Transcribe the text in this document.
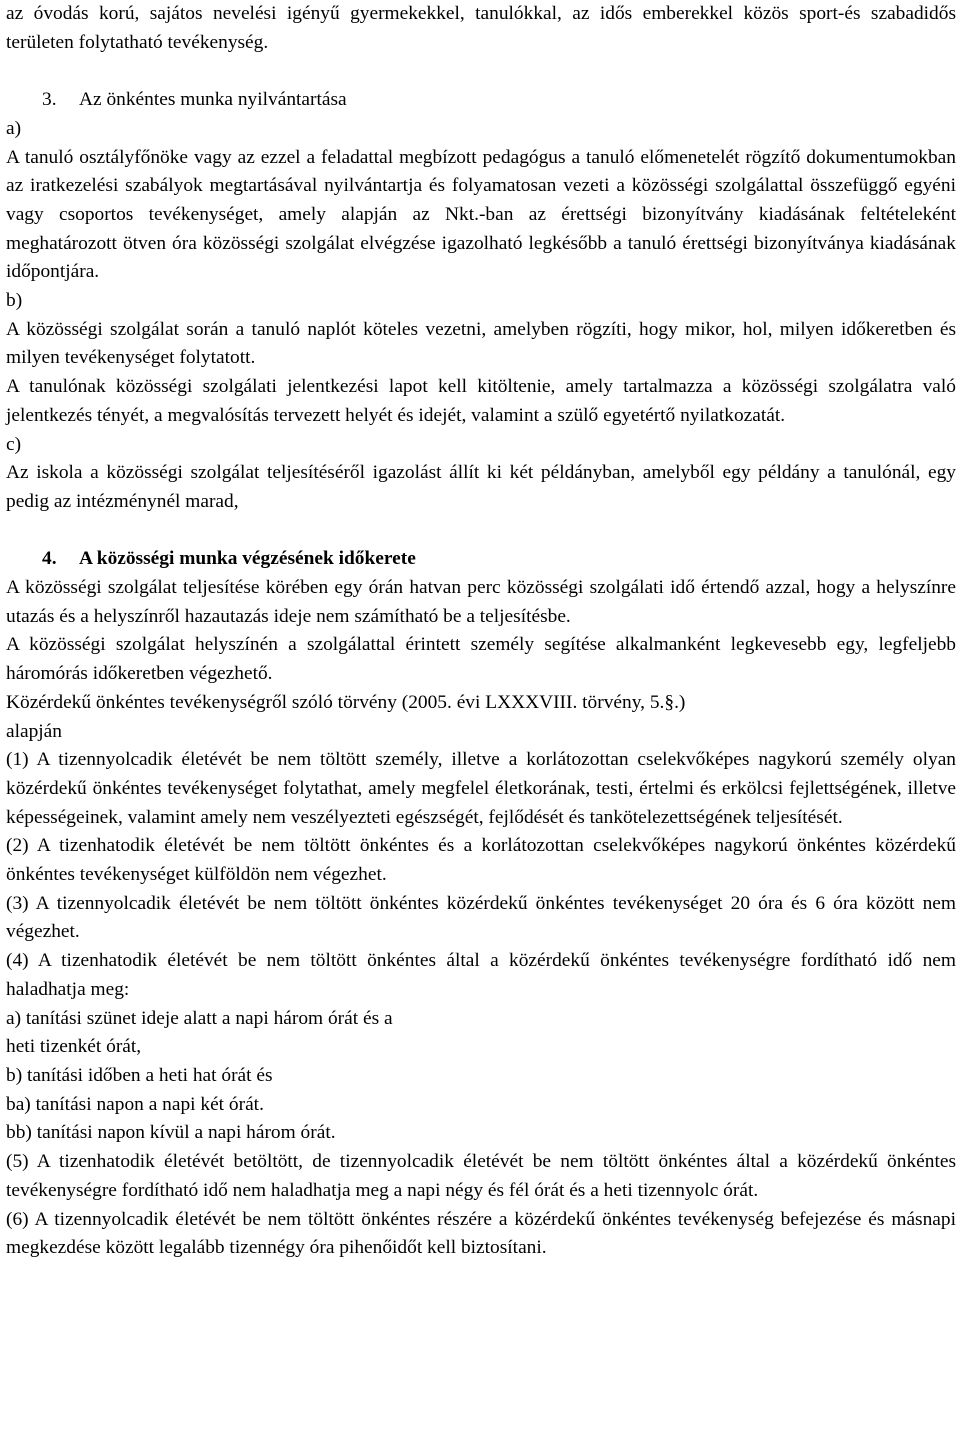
az óvodás korú, sajátos nevelési igényű gyermekekkel, tanulókkal, az idős emberekkel közös sport-és szabadidős területen folytatható tevékenység.

3. Az önkéntes munka nyilvántartása

a)

A tanuló osztályfőnöke vagy az ezzel a feladattal megbízott pedagógus a tanuló előmenetelét rögzítő dokumentumokban az iratkezelési szabályok megtartásával nyilvántartja és folyamatosan vezeti a közösségi szolgálattal összefüggő egyéni vagy csoportos tevékenységet, amely alapján az Nkt.-ban az érettségi bizonyítvány kiadásának feltételeként meghatározott ötven óra közösségi szolgálat elvégzése igazolható legkésőbb a tanuló érettségi bizonyítványa kiadásának időpontjára.

b)

A közösségi szolgálat során a tanuló naplót köteles vezetni, amelyben rögzíti, hogy mikor, hol, milyen időkeretben és milyen tevékenységet folytatott.

A tanulónak közösségi szolgálati jelentkezési lapot kell kitöltenie, amely tartalmazza a közösségi szolgálatra való jelentkezés tényét, a megvalósítás tervezett helyét és idejét, valamint a szülő egyetértő nyilatkozatát.

c)

Az iskola a közösségi szolgálat teljesítéséről igazolást állít ki két példányban, amelyből egy példány a tanulónál, egy pedig az intézménynél marad,

4. A közösségi munka végzésének időkerete

A közösségi szolgálat teljesítése körében egy órán hatvan perc közösségi szolgálati idő értendő azzal, hogy a helyszínre utazás és a helyszínről hazautazás ideje nem számítható be a teljesítésbe.

A közösségi szolgálat helyszínén a szolgálattal érintett személy segítése alkalmanként legkevesebb egy, legfeljebb háromórás időkeretben végezhető.

Közérdekű önkéntes tevékenységről szóló törvény (2005. évi LXXXVIII. törvény, 5.§.)

alapján

(1) A tizennyolcadik életévét be nem töltött személy, illetve a korlátozottan cselekvőképes nagykorú személy olyan közérdekű önkéntes tevékenységet folytathat, amely megfelel életkorának, testi, értelmi és erkölcsi fejlettségének, illetve képességeinek, valamint amely nem veszélyezteti egészségét, fejlődését és tankötelezettségének teljesítését.

(2) A tizenhatodik életévét be nem töltött önkéntes és a korlátozottan cselekvőképes nagykorú önkéntes közérdekű önkéntes tevékenységet külföldön nem végezhet.

(3) A tizennyolcadik életévét be nem töltött önkéntes közérdekű önkéntes tevékenységet 20 óra és 6 óra között nem végezhet.

(4) A tizenhatodik életévét be nem töltött önkéntes által a közérdekű önkéntes tevékenységre fordítható idő nem haladhatja meg:

a) tanítási szünet ideje alatt a napi három órát és a

heti tizenkét órát,

b) tanítási időben a heti hat órát és

ba) tanítási napon a napi két órát.

bb) tanítási napon kívül a napi három órát.

(5) A tizenhatodik életévét betöltött, de tizennyolcadik életévét be nem töltött önkéntes által a közérdekű önkéntes tevékenységre fordítható idő nem haladhatja meg a napi négy és fél órát és a heti tizennyolc órát.

(6) A tizennyolcadik életévét be nem töltött önkéntes részére a közérdekű önkéntes tevékenység befejezése és másnapi megkezdése között legalább tizennégy óra pihenőidőt kell biztosítani.
